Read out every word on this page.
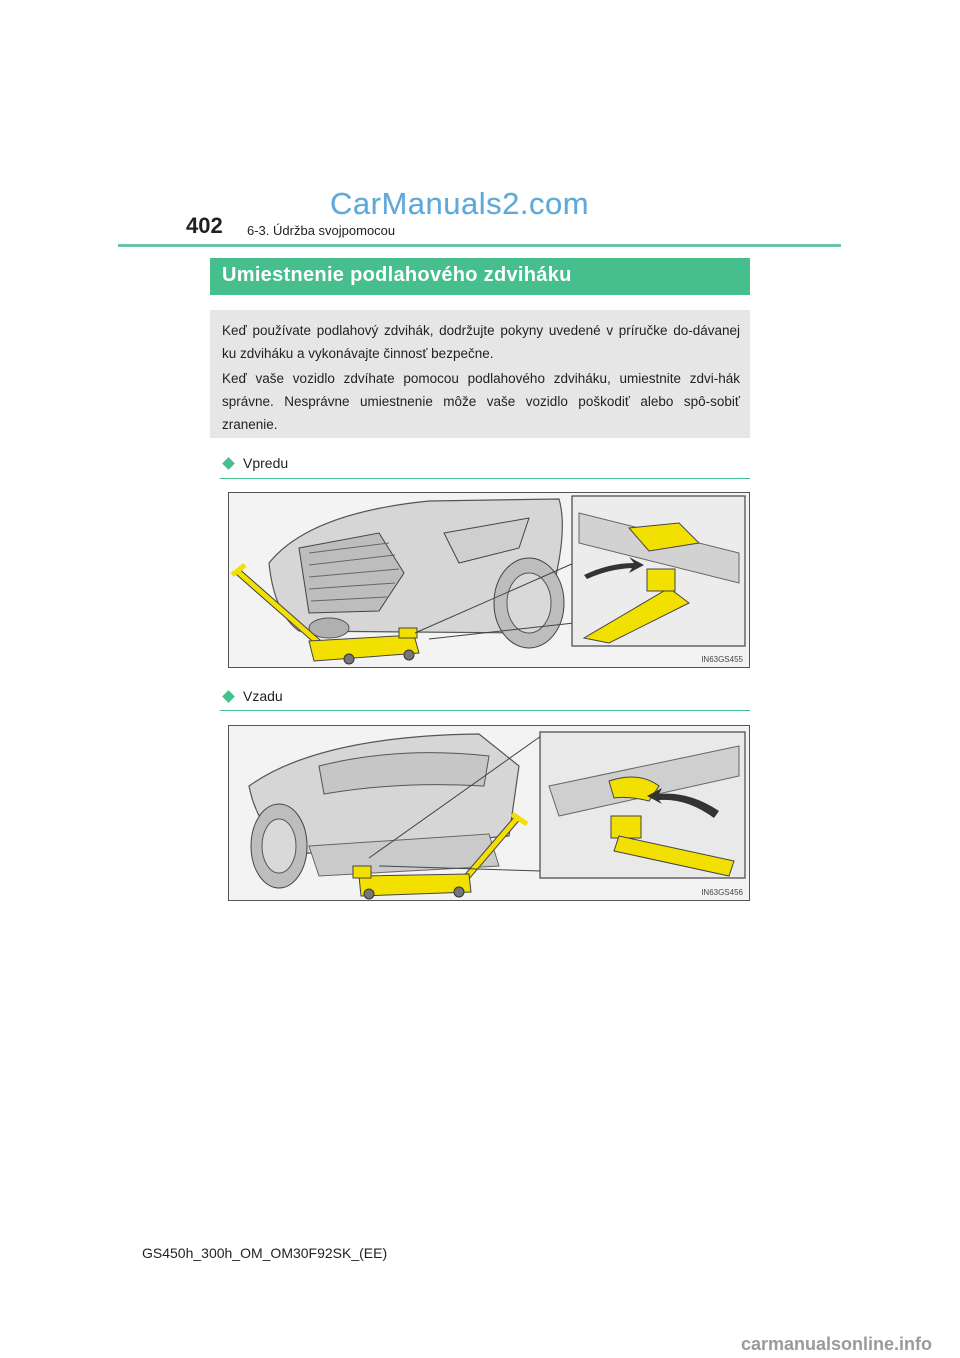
CarManuals2.com
402 6-3. Údržba svojpomocou
Umiestnenie podlahového zdviháku
Keď používate podlahový zdvihák, dodržujte pokyny uvedené v príručke do-dávanej ku zdviháku a vykonávajte činnosť bezpečne.
Keď vaše vozidlo zdvíhate pomocou podlahového zdviháku, umiestnite zdvi-hák správne. Nesprávne umiestnenie môže vaše vozidlo poškodiť alebo spô-sobiť zranenie.
Vpredu
IN63GS455
Vzadu
IN63GS456
GS450h_300h_OM_OM30F92SK_(EE)
carmanualsonline.info
